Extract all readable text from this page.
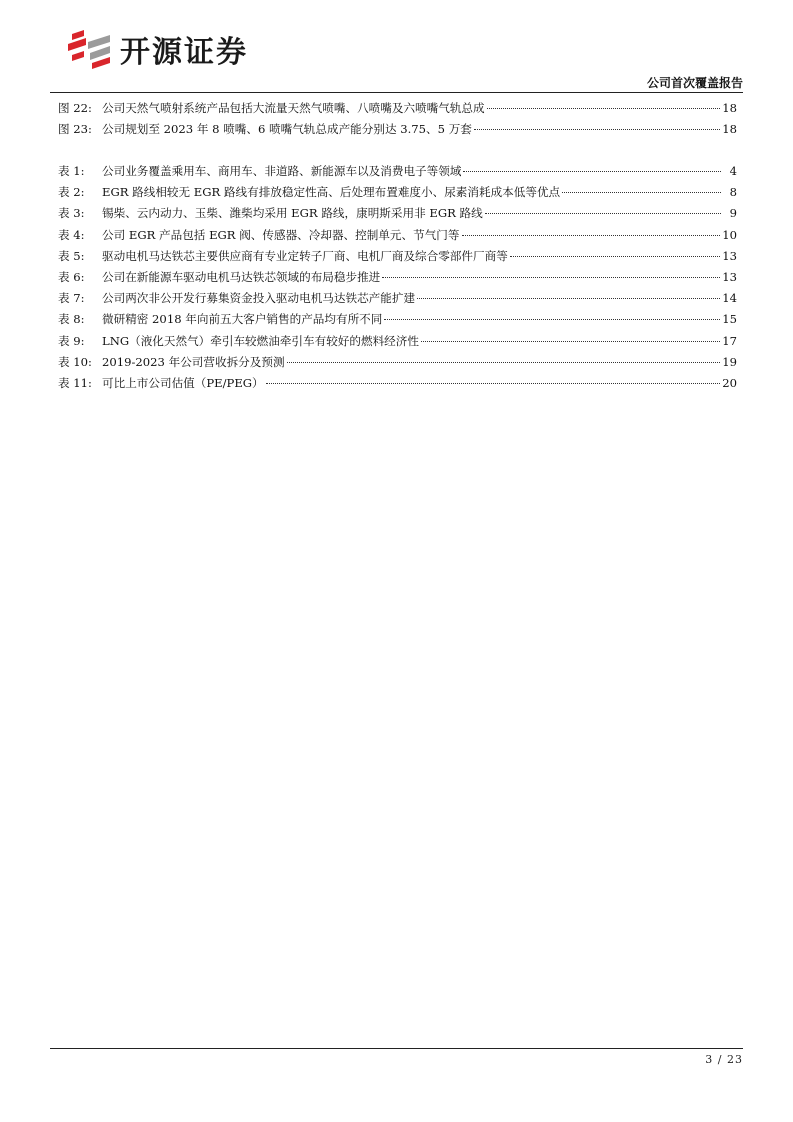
开源证券
公司首次覆盖报告
图 22: 公司天然气喷射系统产品包括大流量天然气喷嘴、八喷嘴及六喷嘴气轨总成	18
图 23: 公司规划至 2023 年 8 喷嘴、6 喷嘴气轨总成产能分别达 3.75、5 万套	18
表 1:	公司业务覆盖乘用车、商用车、非道路、新能源车以及消费电子等领域	4
表 2:	EGR 路线相较无 EGR 路线有排放稳定性高、后处理布置难度小、尿素消耗成本低等优点	8
表 3:	锡柴、云内动力、玉柴、潍柴均采用 EGR 路线，康明斯采用非 EGR 路线	9
表 4:	公司 EGR 产品包括 EGR 阀、传感器、冷却器、控制单元、节气门等	10
表 5:	驱动电机马达铁芯主要供应商有专业定转子厂商、电机厂商及综合零部件厂商等	13
表 6:	公司在新能源车驱动电机马达铁芯领域的布局稳步推进	13
表 7:	公司两次非公开发行募集资金投入驱动电机马达铁芯产能扩建	14
表 8:	微研精密 2018 年向前五大客户销售的产品均有所不同	15
表 9:	LNG（液化天然气）牵引车较燃油牵引车有较好的燃料经济性	17
表 10: 2019-2023 年公司营收拆分及预测	19
表 11: 可比上市公司估值（PE/PEG）	20
3 / 23
